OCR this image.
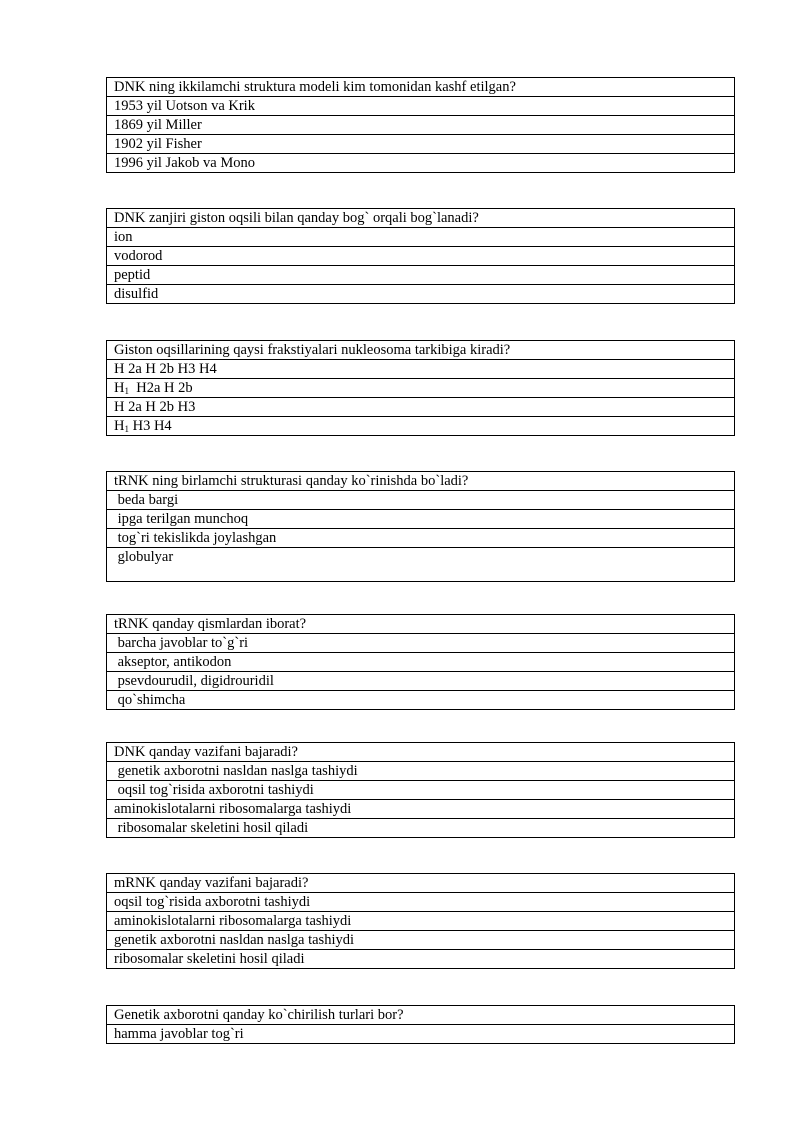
DNK ning ikkilamchi struktura modeli kim tomonidan kashf etilgan?
1953 yil Uotson va Krik
1869 yil Miller
1902 yil Fisher
1996 yil Jakob va Mono
DNK zanjiri giston oqsili bilan qanday bog` orqali bog`lanadi?
ion
vodorod
peptid
disulfid
Giston oqsillarining qaysi frakstiyalari nukleosoma tarkibiga kiradi?
H 2a H 2b H3 H4
$H_1$  H2a H 2b
H 2a H 2b H3
$H_1$ H3 H4
tRNK ning birlamchi strukturasi qanday ko`rinishda bo`ladi?
beda bargi
ipga terilgan munchoq
tog`ri tekislikda joylashgan
globulyar
tRNK qanday qismlardan iborat?
barcha javoblar to`g`ri
akseptor, antikodon
psevdourudil, digidrouridil
qo`shimcha
DNK qanday vazifani bajaradi?
genetik axborotni nasldan naslga tashiydi
oqsil tog`risida axborotni tashiydi
aminokislotalarni ribosomalarga tashiydi
ribosomalar skeletini hosil qiladi
mRNK qanday vazifani bajaradi?
oqsil tog`risida axborotni tashiydi
aminokislotalarni ribosomalarga tashiydi
genetik axborotni nasldan naslga tashiydi
ribosomalar skeletini hosil qiladi
Genetik axborotni qanday ko`chirilish turlari bor?
hamma javoblar tog`ri
